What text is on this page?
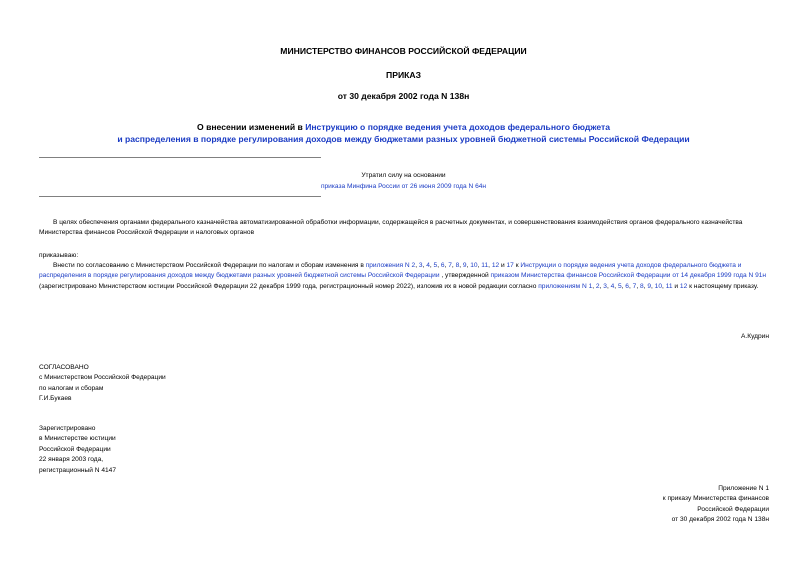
МИНИСТЕРСТВО ФИНАНСОВ РОССИЙСКОЙ ФЕДЕРАЦИИ
ПРИКАЗ
от 30 декабря 2002 года N 138н
О внесении изменений в Инструкцию о порядке ведения учета доходов федерального бюджета
и распределения в порядке регулирования доходов между бюджетами разных уровней бюджетной системы Российской Федерации
Утратил силу на основании
приказа Минфина России от 26 июня 2009 года N 64н
В целях обеспечения органами федерального казначейства автоматизированной обработки информации, содержащейся в расчетных документах, и совершенствования взаимодействия органов федерального казначейства Министерства финансов Российской Федерации и налоговых органов
приказываю:
Внести по согласованию с Министерством Российской Федерации по налогам и сборам изменения в приложения N 2, 3, 4, 5, 6, 7, 8, 9, 10, 11, 12 и 17 к Инструкции о порядке ведения учета доходов федерального бюджета и распределения в порядке регулирования доходов между бюджетами разных уровней бюджетной системы Российской Федерации , утвержденной приказом Министерства финансов Российской Федерации от 14 декабря 1999 года N 91н (зарегистрировано Министерством юстиции Российской Федерации 22 декабря 1999 года, регистрационный номер 2022), изложив их в новой редакции согласно приложениям N 1, 2, 3, 4, 5, 6, 7, 8, 9, 10, 11 и 12 к настоящему приказу.
А.Кудрин
СОГЛАСОВАНО
с Министерством Российской Федерации
по налогам и сборам
Г.И.Букаев
Зарегистрировано
в Министерстве юстиции
Российской Федерации
22 января 2003 года,
регистрационный N 4147
Приложение N 1
к приказу Министерства финансов
Российской Федерации
от 30 декабря 2002 года N 138н
